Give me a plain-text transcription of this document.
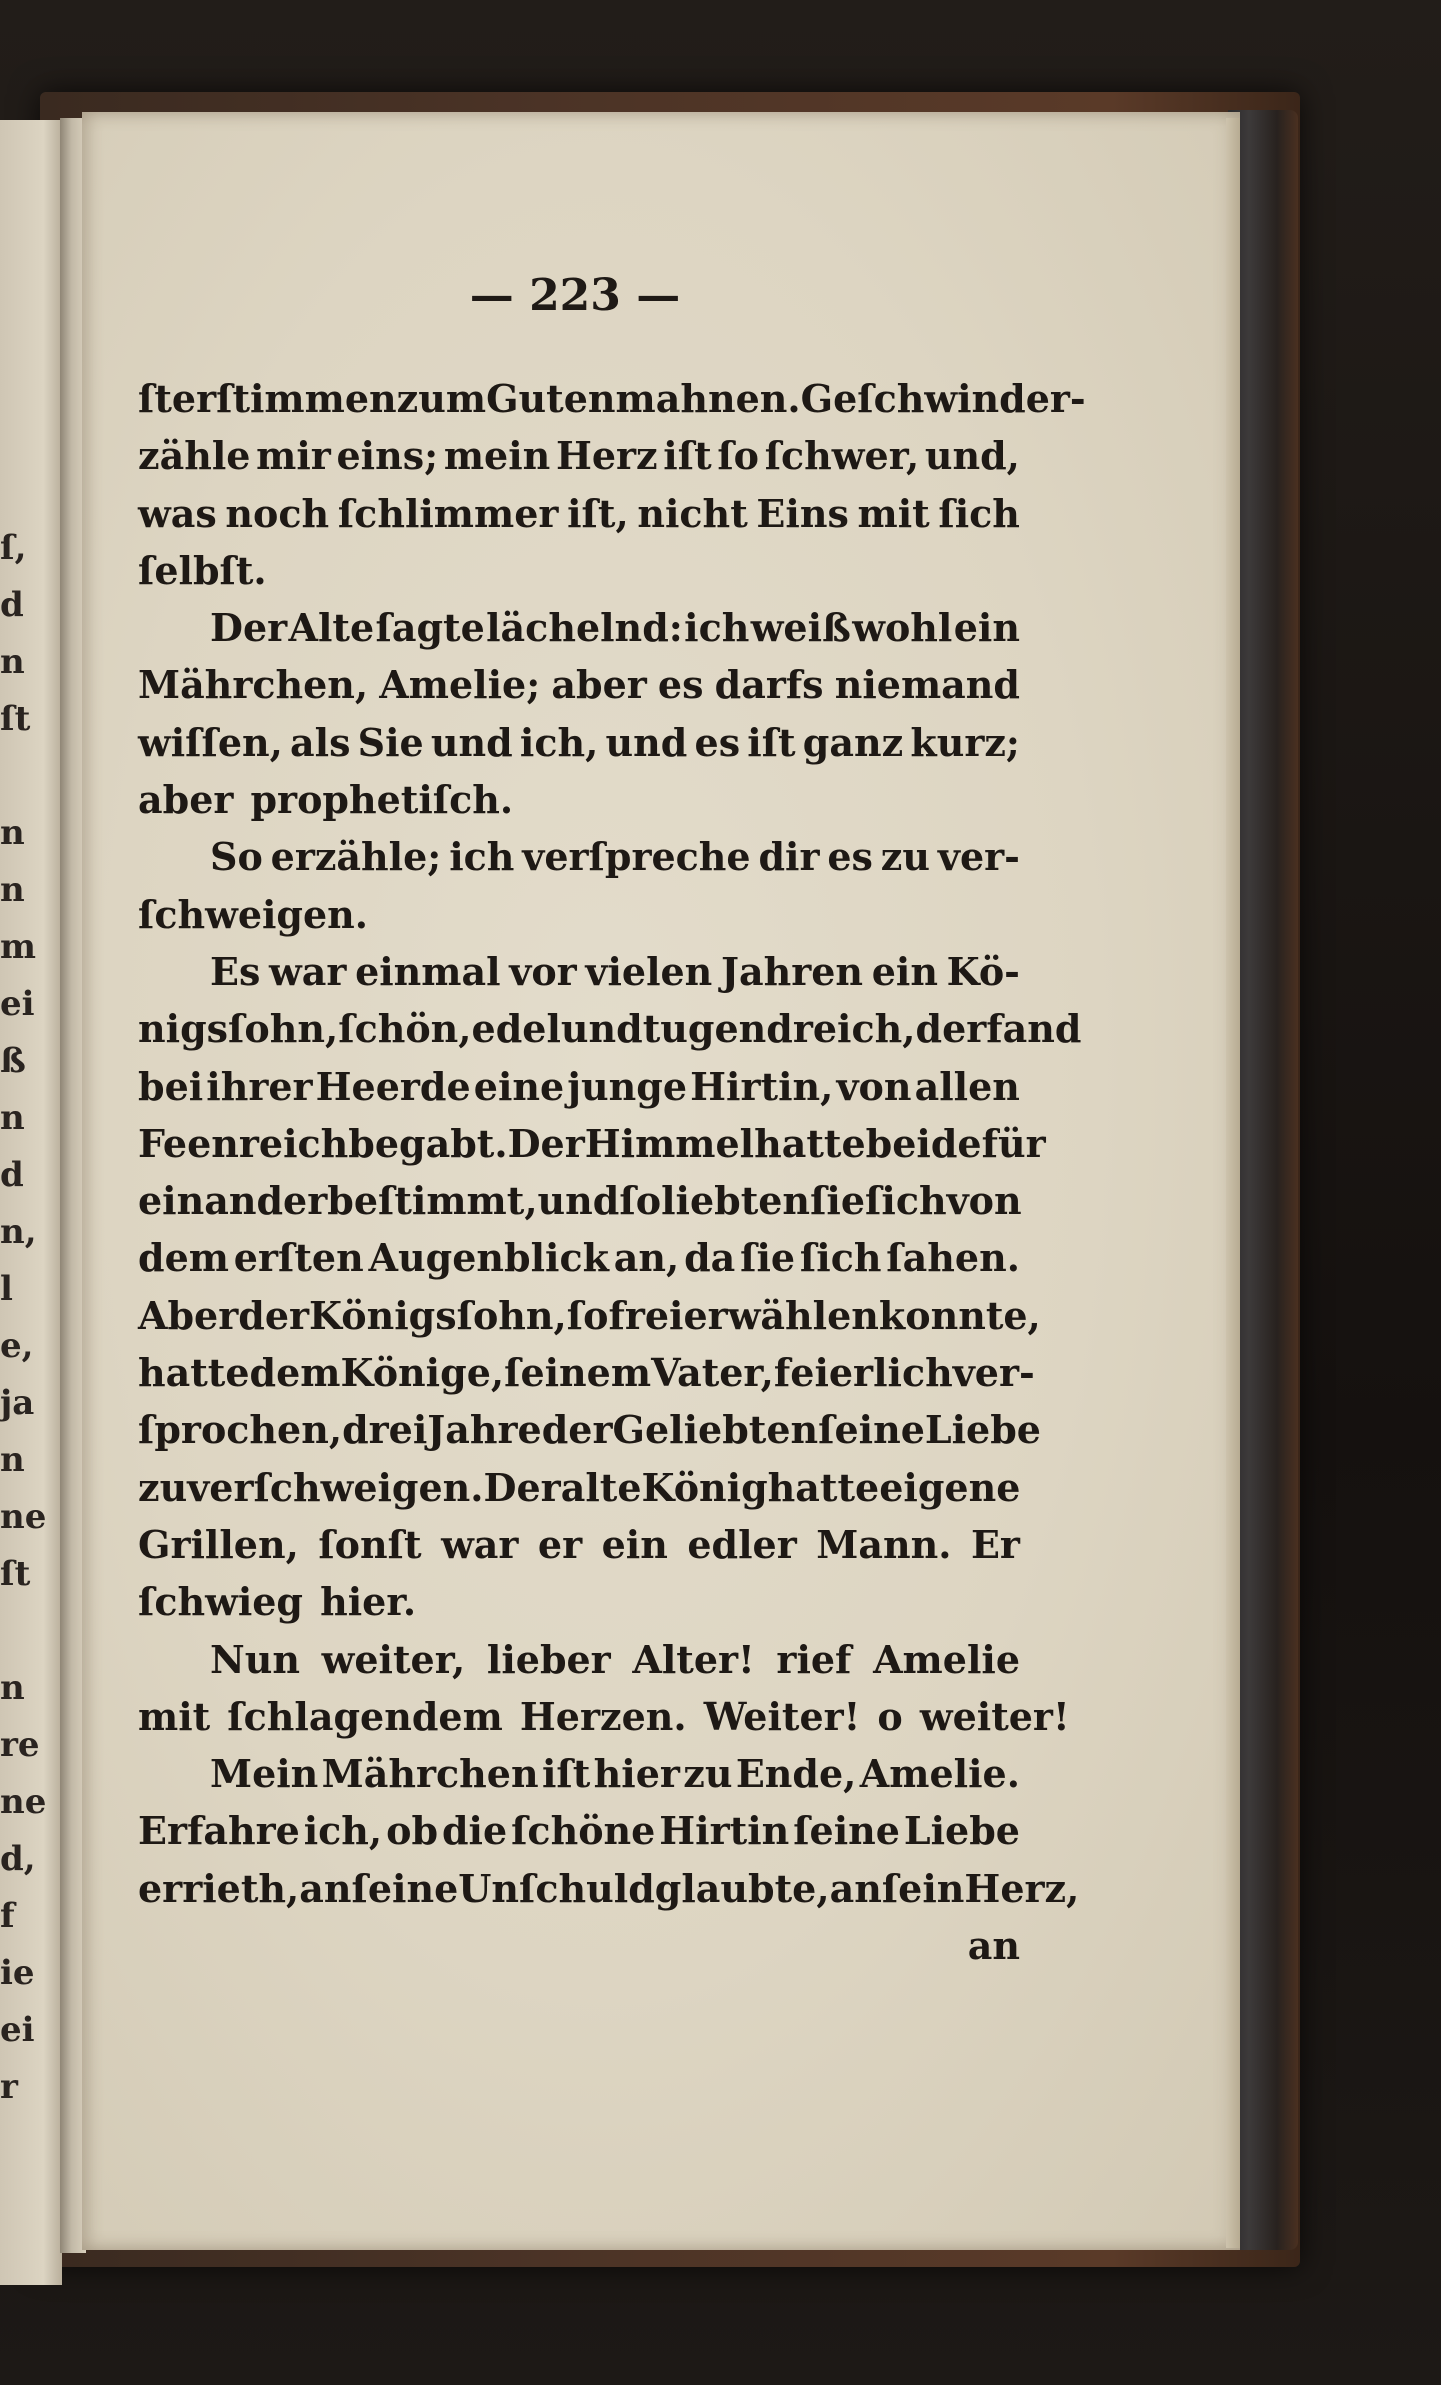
ſ,
d
n
ſt

n
n
m
ei
ß
n
d
n,
l
e,
ja
n
ne
ſt

n
re
ne
d,
f
ie
ei
r
— 223 —
ſterſtimmen zum Guten mahnen. Geſchwind er-
zähle mir eins; mein Herz iſt ſo ſchwer, und,
was noch ſchlimmer iſt, nicht Eins mit ſich
ſelbſt.
Der Alte ſagte lächelnd: ich weiß wohl ein
Mährchen, Amelie; aber es darfs niemand
wiſſen, als Sie und ich, und es iſt ganz kurz;
aber prophetiſch.
So erzähle; ich verſpreche dir es zu ver-
ſchweigen.
Es war einmal vor vielen Jahren ein Kö-
nigsſohn, ſchön, edel und tugendreich, der fand
bei ihrer Heerde eine junge Hirtin, von allen
Feen reich begabt. Der Himmel hatte beide für
einander beſtimmt, und ſo liebten ſie ſich von
dem erſten Augenblick an, da ſie ſich ſahen.
Aber der Königsſohn, ſo frei er wählen konnte,
hatte dem Könige, ſeinem Vater, feierlich ver-
ſprochen, drei Jahre der Geliebten ſeine Liebe
zu verſchweigen. Der alte König hatte eigene
Grillen, ſonſt war er ein edler Mann. Er
ſchwieg hier.
Nun weiter, lieber Alter! rief Amelie
mit ſchlagendem Herzen. Weiter! o weiter!
Mein Mährchen iſt hier zu Ende, Amelie.
Erfahre ich, ob die ſchöne Hirtin ſeine Liebe
errieth, an ſeine Unſchuld glaubte, an ſein Herz,
an
